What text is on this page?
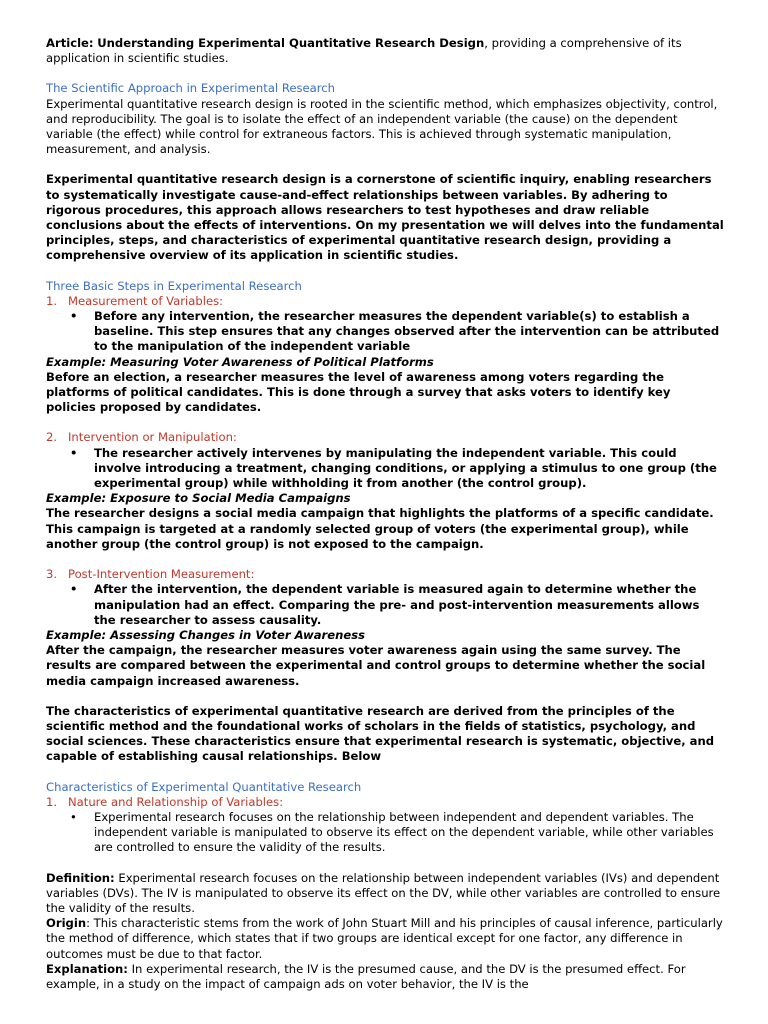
Article: Understanding Experimental Quantitative Research Design, providing a comprehensive of its application in scientific studies.

The Scientific Approach in Experimental Research

Experimental quantitative research design is rooted in the scientific method, which emphasizes objectivity, control, and reproducibility. The goal is to isolate the effect of an independent variable (the cause) on the dependent variable (the effect) while control for extraneous factors. This is achieved through systematic manipulation, measurement, and analysis.

Experimental quantitative research design is a cornerstone of scientific inquiry, enabling researchers to systematically investigate cause-and-effect relationships between variables. By adhering to rigorous procedures, this approach allows researchers to test hypotheses and draw reliable conclusions about the effects of interventions. On my presentation we will delves into the fundamental principles, steps, and characteristics of experimental quantitative research design, providing a comprehensive overview of its application in scientific studies.

Three Basic Steps in Experimental Research

1. Measurement of Variables:
•	Before any intervention, the researcher measures the dependent variable(s) to establish a baseline. This step ensures that any changes observed after the intervention can be attributed to the manipulation of the independent variable

Example: Measuring Voter Awareness of Political Platforms

Before an election, a researcher measures the level of awareness among voters regarding the platforms of political candidates. This is done through a survey that asks voters to identify key policies proposed by candidates.

2. Intervention or Manipulation:
•	The researcher actively intervenes by manipulating the independent variable. This could involve introducing a treatment, changing conditions, or applying a stimulus to one group (the experimental group) while withholding it from another (the control group).

Example: Exposure to Social Media Campaigns

The researcher designs a social media campaign that highlights the platforms of a specific candidate. This campaign is targeted at a randomly selected group of voters (the experimental group), while another group (the control group) is not exposed to the campaign.

3. Post-Intervention Measurement:
•	After the intervention, the dependent variable is measured again to determine whether the manipulation had an effect. Comparing the pre- and post-intervention measurements allows the researcher to assess causality.

Example: Assessing Changes in Voter Awareness

After the campaign, the researcher measures voter awareness again using the same survey. The results are compared between the experimental and control groups to determine whether the social media campaign increased awareness.

The characteristics of experimental quantitative research are derived from the principles of the scientific method and the foundational works of scholars in the fields of statistics, psychology, and social sciences. These characteristics ensure that experimental research is systematic, objective, and capable of establishing causal relationships. Below

Characteristics of Experimental Quantitative Research

1. Nature and Relationship of Variables:
•	Experimental research focuses on the relationship between independent and dependent variables. The independent variable is manipulated to observe its effect on the dependent variable, while other variables are controlled to ensure the validity of the results.

Definition: Experimental research focuses on the relationship between independent variables (IVs) and dependent variables (DVs). The IV is manipulated to observe its effect on the DV, while other variables are controlled to ensure the validity of the results.

Origin: This characteristic stems from the work of John Stuart Mill and his principles of causal inference, particularly the method of difference, which states that if two groups are identical except for one factor, any difference in outcomes must be due to that factor.

Explanation: In experimental research, the IV is the presumed cause, and the DV is the presumed effect. For example, in a study on the impact of campaign ads on voter behavior, the IV is the
